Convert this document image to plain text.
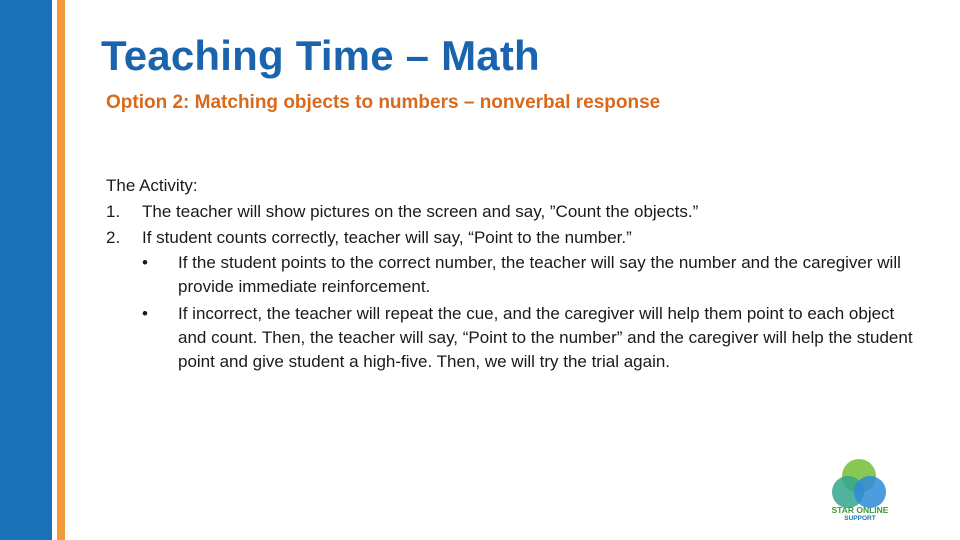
Teaching Time – Math

Option 2: Matching objects to numbers – nonverbal response

The Activity:

1. The teacher will show pictures on the screen and say, ”Count the objects.”
2. If student counts correctly, teacher will say, “Point to the number.”
• If the student points to the correct number, the teacher will say the number and the caregiver will provide immediate reinforcement.
• If incorrect, the teacher will repeat the cue, and the caregiver will help them point to each object and count. Then, the teacher will say, “Point to the number” and the caregiver will help the student point and give student a high-five. Then, we will try the trial again.
STAR ONLINE
SUPPORT
